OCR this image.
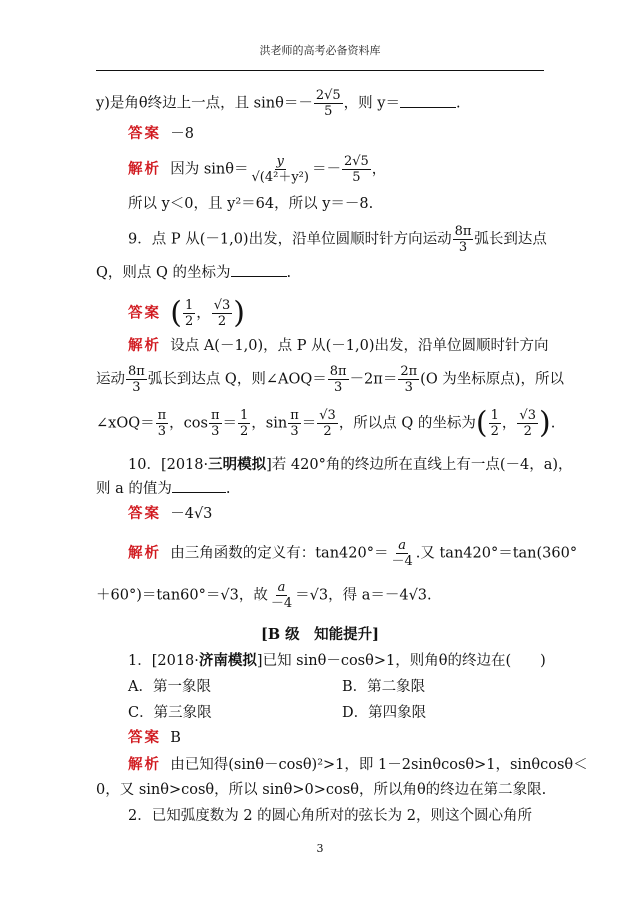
洪老师的高考必备资料库
y)是角θ终边上一点，且 $\sin\theta=- \frac{2√5}{5}$ ，则 y＝	.
答案 －8
解析 因为 $\sin\theta= \frac{y}{\text{√(4²＋y²)}} =- \frac{2√5}{5}$ ，
所以 y＜0，且 y²＝64，所以 y＝－8.
9．点 P 从(－1,0)出发，沿单位圆顺时针方向运动 $\frac{8\pi}{3}$ 弧长到达点
Q，则点 Q 的坐标为	.
答案 ( $\frac{1}{2}$ ， $\frac{√3}{2}$ )
解析 设点 A(－1,0)，点 P 从(－1,0)出发，沿单位圆顺时针方向
运动 $\frac{8\pi}{3}$ 弧长到达点 Q，则∠AOQ＝ $\frac{8\pi}{3} -2\pi= \frac{2\pi}{3} (O$ 为坐标原点)，所以
∠xOQ＝ $\frac{\pi}{3}$ ，$\cos \frac{\pi}{3} = \frac{1}{2}$ ，$\sin \frac{\pi}{3} = \frac{√3}{2}$ ，所以点 Q 的坐标为( $\frac{1}{2}$ ， $\frac{√3}{2}$ ).
10．[2018·三明模拟]若 420°角的终边所在直线上有一点(－4，a)，
则 a 的值为	.
答案 －4√3
解析 由三角函数的定义有：$\tan 420^\circ= \frac{a}{-4}$ .又 tan420°＝tan(360°
＋60°)＝tan60°＝√3，故 $\frac{a}{-4} =√3$，得 a＝－4√3.
[B 级　知能提升]
1．[2018·济南模拟]已知 sinθ－cosθ>1，则角θ的终边在(　　)
A．第一象限	B．第二象限
C．第三象限	D．第四象限
答案 B
解析 由已知得(sinθ－cosθ)²>1，即 1－2sinθcosθ>1，sinθcosθ＜
0，又 sinθ>cosθ，所以 sinθ>0>cosθ，所以角θ的终边在第二象限.
2．已知弧度数为 2 的圆心角所对的弦长为 2，则这个圆心角所
3
